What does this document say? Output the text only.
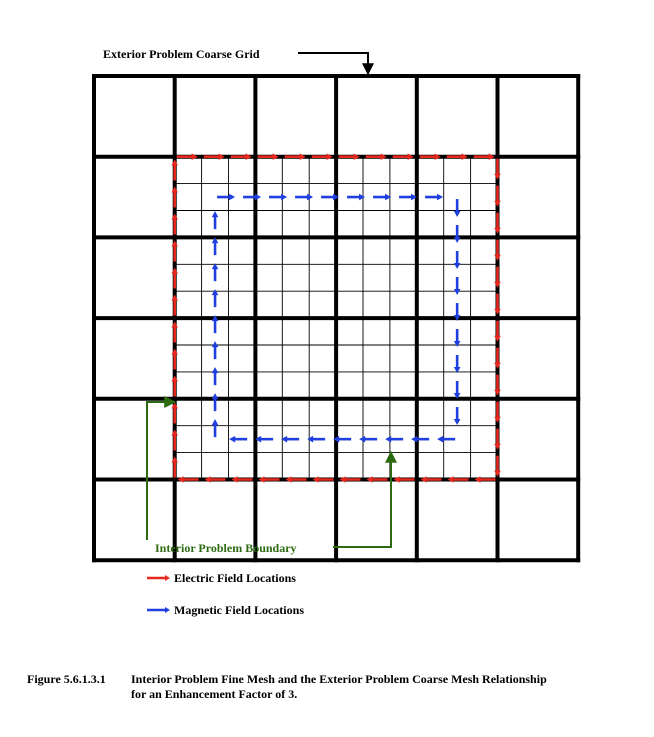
Exterior Problem Coarse Grid
Interior Problem Boundary
Electric Field Locations
Magnetic Field Locations
Figure 5.6.1.3.1 Interior Problem Fine Mesh and the Exterior Problem Coarse Mesh Relationship
for an Enhancement Factor of 3.
